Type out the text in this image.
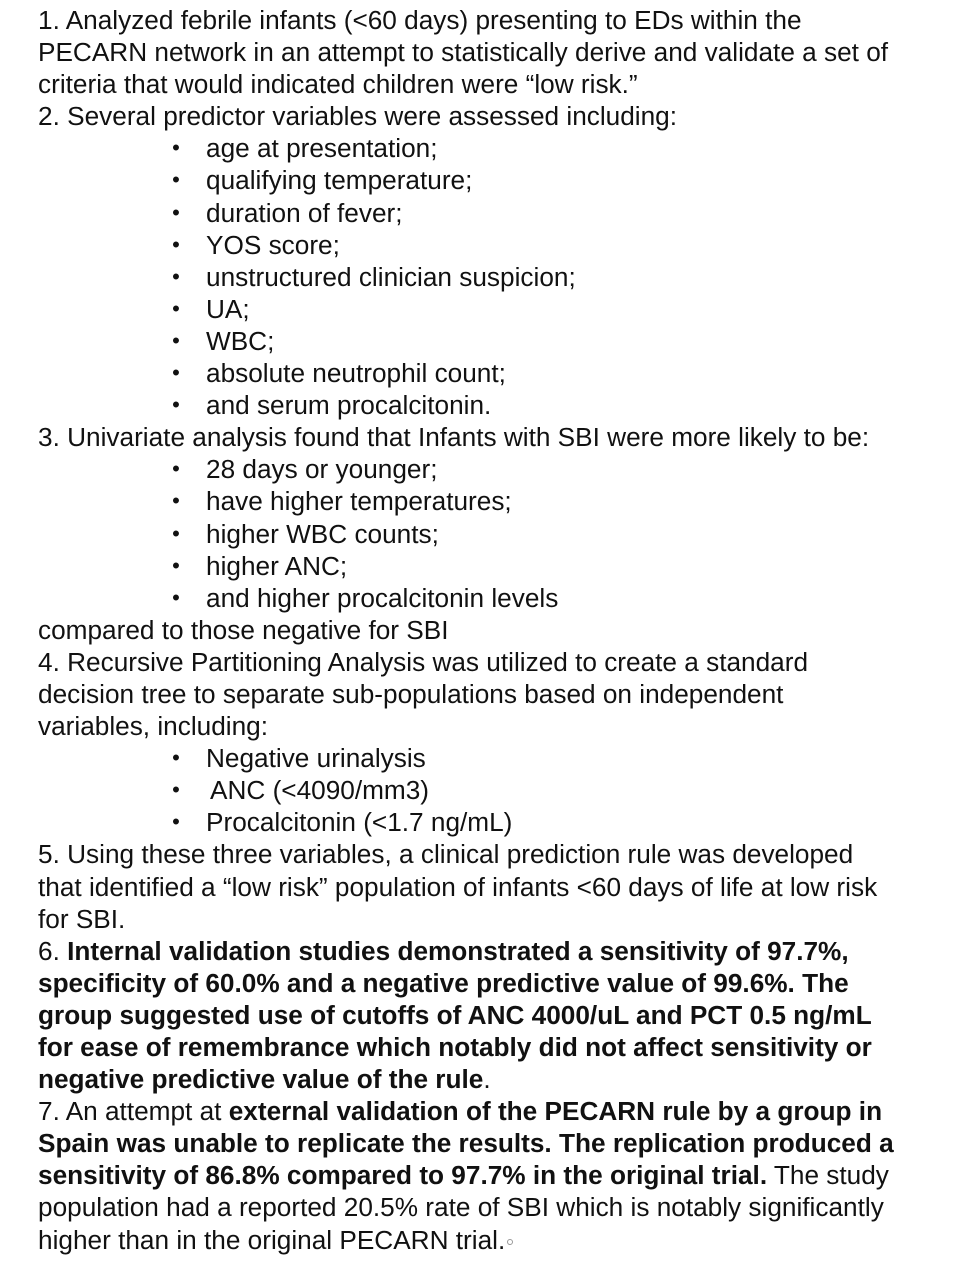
1. Analyzed febrile infants (<60 days) presenting to EDs within the
PECARN network in an attempt to statistically derive and validate a set of
criteria that would indicated children were “low risk.”
2. Several predictor variables were assessed including:
• age at presentation;
• qualifying temperature;
• duration of fever;
• YOS score;
• unstructured clinician suspicion;
• UA;
• WBC;
• absolute neutrophil count;
• and serum procalcitonin.
3. Univariate analysis found that Infants with SBI were more likely to be:
• 28 days or younger;
• have higher temperatures;
• higher WBC counts;
• higher ANC;
• and higher procalcitonin levels
compared to those negative for SBI
4. Recursive Partitioning Analysis was utilized to create a standard
decision tree to separate sub-populations based on independent
variables, including:
• Negative urinalysis
• ANC (<4090/mm3)
• Procalcitonin (<1.7 ng/mL)
5. Using these three variables, a clinical prediction rule was developed
that identified a “low risk” population of infants <60 days of life at low risk
for SBI.
6. Internal validation studies demonstrated a sensitivity of 97.7%,
specificity of 60.0% and a negative predictive value of 99.6%. The
group suggested use of cutoffs of ANC 4000/uL and PCT 0.5 ng/mL
for ease of remembrance which notably did not affect sensitivity or
negative predictive value of the rule.
7. An attempt at external validation of the PECARN rule by a group in
Spain was unable to replicate the results. The replication produced a
sensitivity of 86.8% compared to 97.7% in the original trial. The study
population had a reported 20.5% rate of SBI which is notably significantly
higher than in the original PECARN trial.
